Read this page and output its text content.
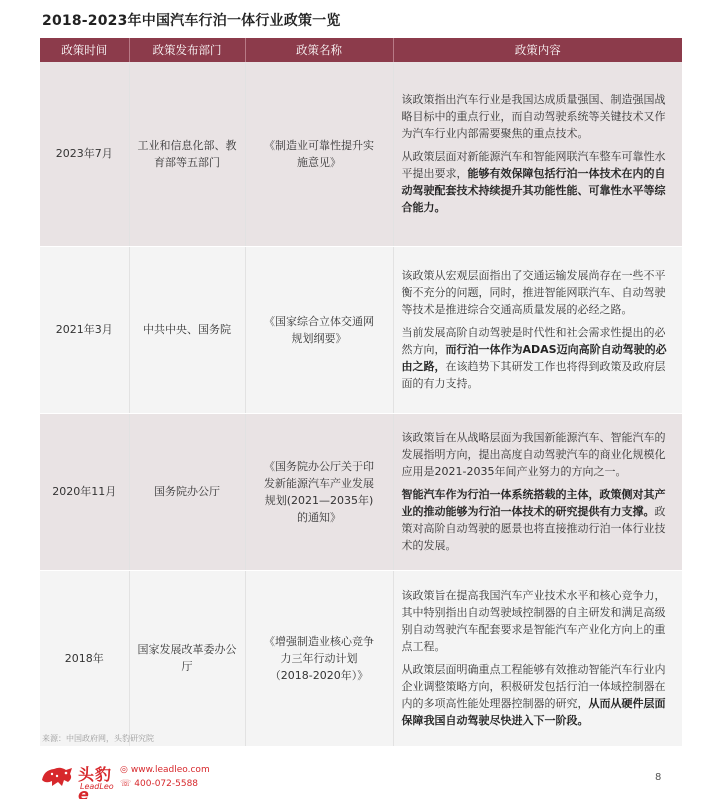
2018-2023年中国汽车行泊一体行业政策一览
政策时间	政策发布部门	政策名称	政策内容
2023年7月	工业和信息化部、教育部等五部门	《制造业可靠性提升实施意见》	该政策指出汽车行业是我国达成质量强国、制造强国战略目标中的重点行业，而自动驾驶系统等关键技术又作为汽车行业内部需要聚焦的重点技术。

从政策层面对新能源汽车和智能网联汽车整车可靠性水平提出要求，能够有效保障包括行泊一体技术在内的自动驾驶配套技术持续提升其功能性能、可靠性水平等综合能力。

2021年3月	中共中央、国务院	《国家综合立体交通网规划纲要》	该政策从宏观层面指出了交通运输发展尚存在一些不平衡不充分的问题，同时，推进智能网联汽车、自动驾驶等技术是推进综合交通高质量发展的必经之路。

当前发展高阶自动驾驶是时代性和社会需求性提出的必然方向，而行泊一体作为ADAS迈向高阶自动驾驶的必由之路，在该趋势下其研发工作也将得到政策及政府层面的有力支持。

2020年11月	国务院办公厅	《国务院办公厅关于印发新能源汽车产业发展规划(2021—2035年)的通知》	该政策旨在从战略层面为我国新能源汽车、智能汽车的发展指明方向，提出高度自动驾驶汽车的商业化规模化应用是2021-2035年间产业努力的方向之一。

智能汽车作为行泊一体系统搭载的主体，政策侧对其产业的推动能够为行泊一体技术的研究提供有力支撑。政策对高阶自动驾驶的愿景也将直接推动行泊一体行业技术的发展。

2018年	国家发展改革委办公厅	《增强制造业核心竞争力三年行动计划（2018-2020年）》	该政策旨在提高我国汽车产业技术水平和核心竞争力，其中特别指出自动驾驶域控制器的自主研发和满足高级别自动驾驶汽车配套要求是智能汽车产业化方向上的重点工程。

从政策层面明确重点工程能够有效推动智能汽车行业内企业调整策略方向，积极研发包括行泊一体域控制器在内的多项高性能处理器控制器的研究，从而从硬件层面保障我国自动驾驶尽快进入下一阶段。

来源：中国政府网，头豹研究院
头豹 e
LeadLeo
◎ www.leadleo.com
☏ 400-072-5588
8
